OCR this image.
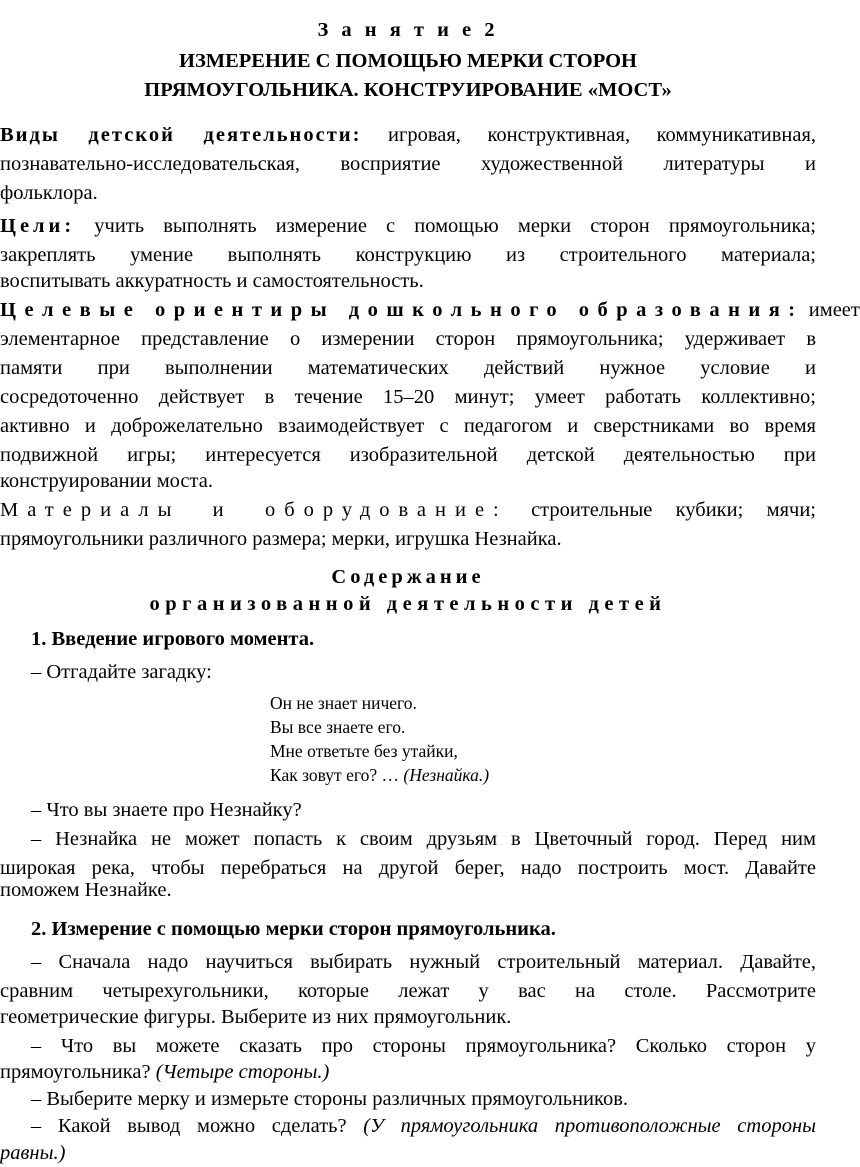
З а н я т и е 2

ИЗМЕРЕНИЕ С ПОМОЩЬЮ МЕРКИ СТОРОН

ПРЯМОУГОЛЬНИКА. КОНСТРУИРОВАНИЕ «МОСТ»

Виды детской деятельности: игровая, конструктивная, коммуникативная,

познавательно-исследовательская, восприятие художественной литературы и

фольклора.

Цели: учить выполнять измерение с помощью мерки сторон прямоугольника;

закреплять умение выполнять конструкцию из строительного материала;

воспитывать аккуратность и самостоятельность.

Целевые ориентиры дошкольного образования: имеет

элементарное представление о измерении сторон прямоугольника; удерживает в

памяти при выполнении математических действий нужное условие и

сосредоточенно действует в течение 15–20 минут; умеет работать коллективно;

активно и доброжелательно взаимодействует с педагогом и сверстниками во время

подвижной игры; интересуется изобразительной детской деятельностью при

конструировании моста.

Материалы и оборудование: строительные кубики; мячи;

прямоугольники различного размера; мерки, игрушка Незнайка.

Содержание

организованной деятельности детей

1. Введение игрового момента.

– Отгадайте загадку:

Он не знает ничего.

Вы все знаете его.

Мне ответьте без утайки,

Как зовут его? … (Незнайка.)

– Что вы знаете про Незнайку?

– Незнайка не может попасть к своим друзьям в Цветочный город. Перед ним

широкая река, чтобы перебраться на другой берег, надо построить мост. Давайте

поможем Незнайке.

2. Измерение с помощью мерки сторон прямоугольника.

– Сначала надо научиться выбирать нужный строительный материал. Давайте,

сравним четырехугольники, которые лежат у вас на столе. Рассмотрите

геометрические фигуры. Выберите из них прямоугольник.

– Что вы можете сказать про стороны прямоугольника? Сколько сторон у

прямоугольника? (Четыре стороны.)

– Выберите мерку и измерьте стороны различных прямоугольников.

– Какой вывод можно сделать? (У прямоугольника противоположные стороны

равны.)
